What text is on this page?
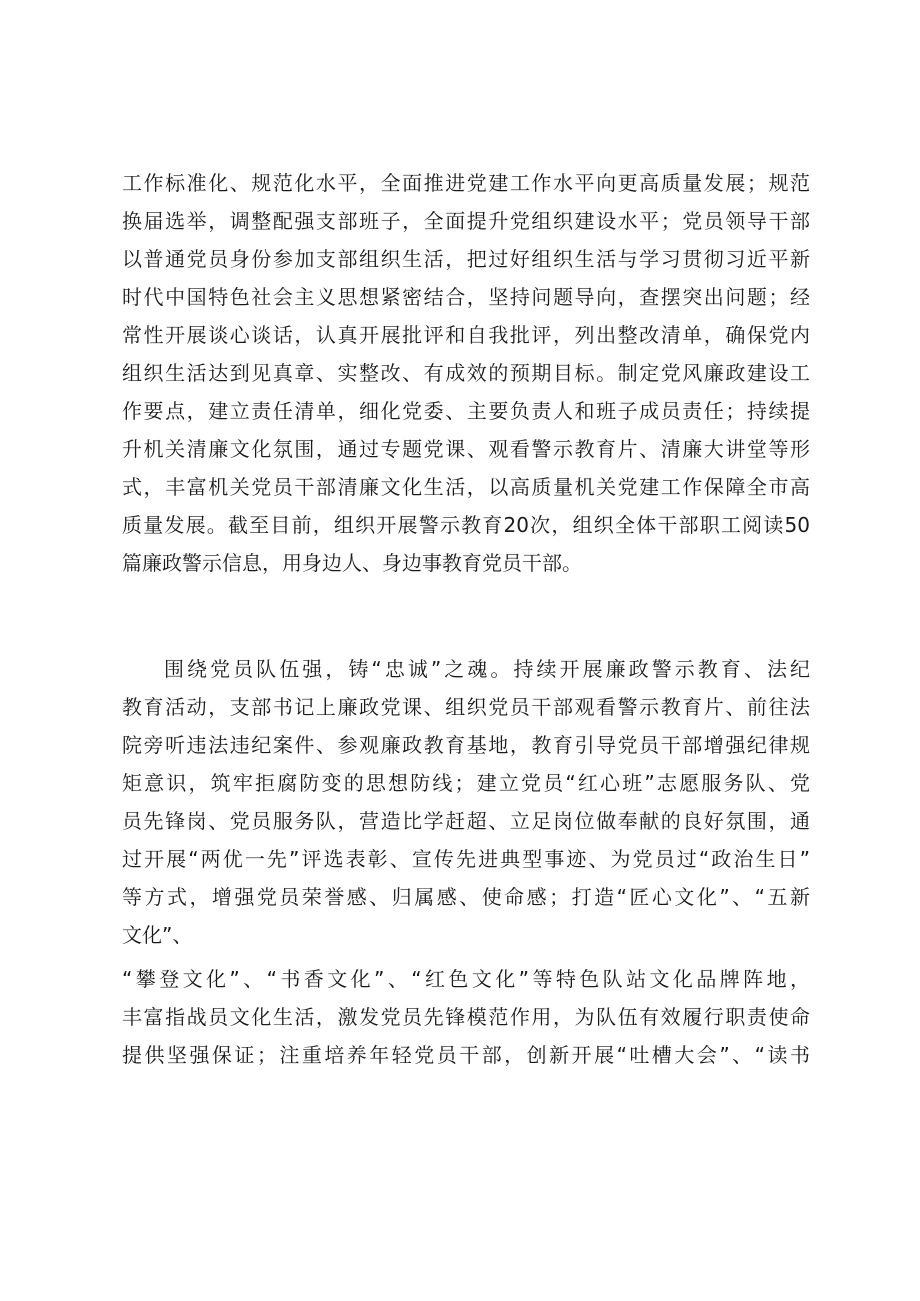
工作标准化、规范化水平，全面推进党建工作水平向更高质量发展；规范
换届选举，调整配强支部班子，全面提升党组织建设水平；党员领导干部
以普通党员身份参加支部组织生活，把过好组织生活与学习贯彻习近平新
时代中国特色社会主义思想紧密结合，坚持问题导向，查摆突出问题；经
常性开展谈心谈话，认真开展批评和自我批评，列出整改清单，确保党内
组织生活达到见真章、实整改、有成效的预期目标。制定党风廉政建设工
作要点，建立责任清单，细化党委、主要负责人和班子成员责任；持续提
升机关清廉文化氛围，通过专题党课、观看警示教育片、清廉大讲堂等形
式，丰富机关党员干部清廉文化生活，以高质量机关党建工作保障全市高
质量发展。截至目前，组织开展警示教育20次，组织全体干部职工阅读50
篇廉政警示信息，用身边人、身边事教育党员干部。
围绕党员队伍强，铸“忠诚”之魂。持续开展廉政警示教育、法纪
教育活动，支部书记上廉政党课、组织党员干部观看警示教育片、前往法
院旁听违法违纪案件、参观廉政教育基地，教育引导党员干部增强纪律规
矩意识，筑牢拒腐防变的思想防线；建立党员“红心班”志愿服务队、党
员先锋岗、党员服务队，营造比学赶超、立足岗位做奉献的良好氛围，通
过开展“两优一先”评选表彰、宣传先进典型事迹、为党员过“政治生日”
等方式，增强党员荣誉感、归属感、使命感；打造“匠心文化”、“五新
文化”、
“攀登文化”、“书香文化”、“红色文化”等特色队站文化品牌阵地，
丰富指战员文化生活，激发党员先锋模范作用，为队伍有效履行职责使命
提供坚强保证；注重培养年轻党员干部，创新开展“吐槽大会”、“读书
